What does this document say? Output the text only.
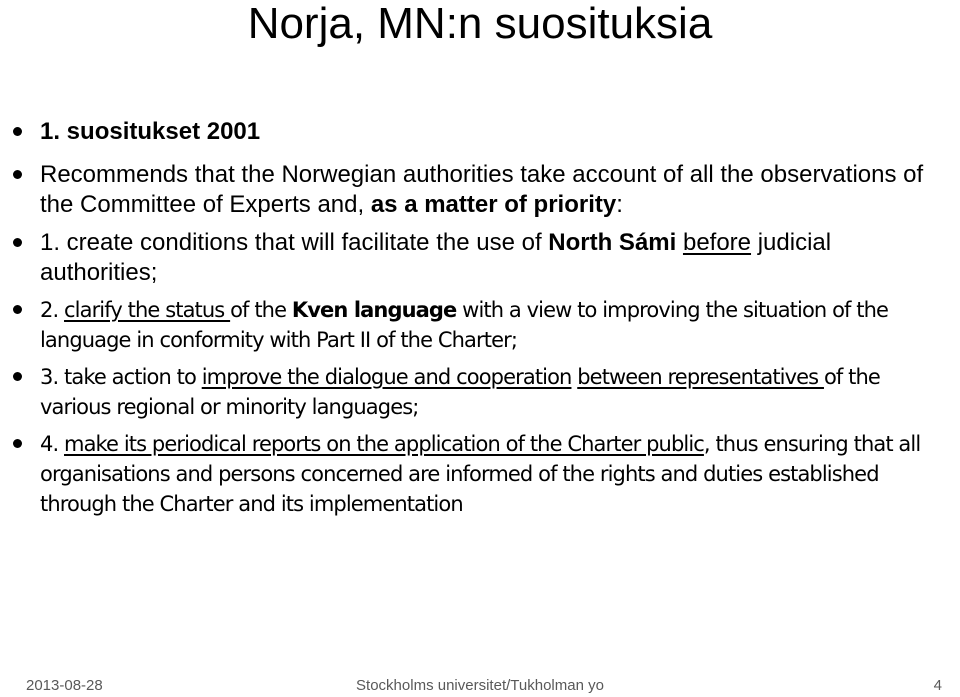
Norja, MN:n suosituksia
1. suositukset 2001
Recommends that the Norwegian authorities take account of all the observations of the Committee of Experts and, as a matter of priority:
1. create conditions that will facilitate the use of North Sámi before judicial authorities;
2. clarify the status of the Kven language with a view to improving the situation of the language in conformity with Part II of the Charter;
3. take action to improve the dialogue and cooperation between representatives of the various regional or minority languages;
4. make its periodical reports on the application of the Charter public, thus ensuring that all organisations and persons concerned are informed of the rights and duties established through the Charter and its implementation
2013-08-28	Stockholms universitet/Tukholman yo	4
